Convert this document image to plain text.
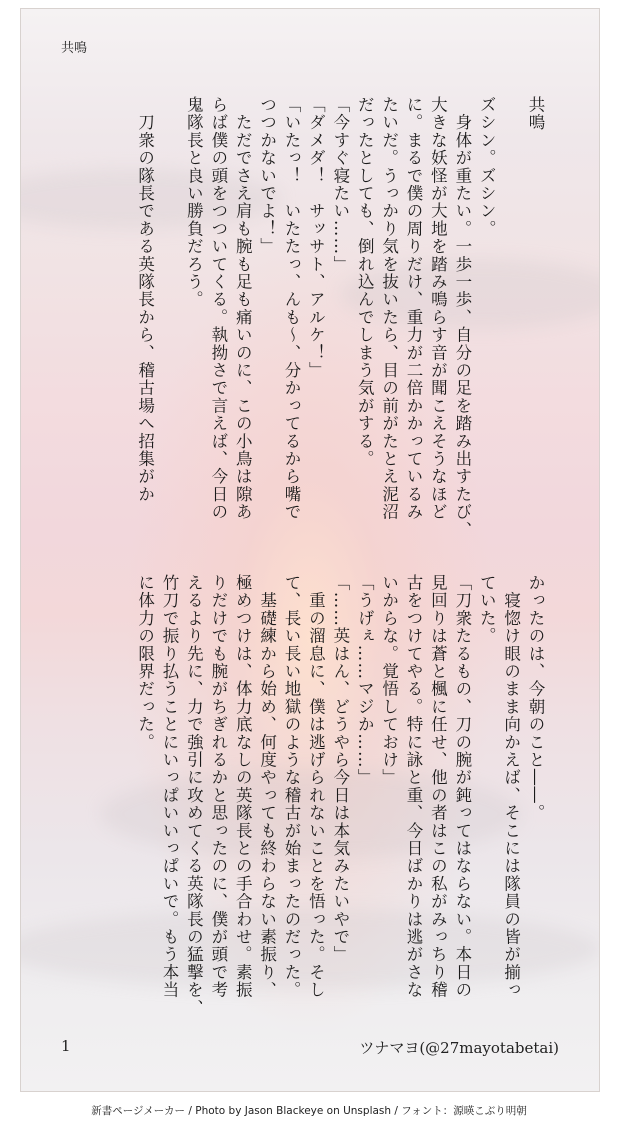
共鳴
共鳴
ズシン。ズシン。
　身体が重たい。一歩一歩、自分の足を踏み出すたび、
大きな妖怪が大地を踏み鳴らす音が聞こえそうなほど
に。まるで僕の周りだけ、重力が二倍かかっているみ
たいだ。うっかり気を抜いたら、目の前がたとえ泥沼
だったとしても、倒れ込んでしまう気がする。
「今すぐ寝たい……」
「ダメダ！　サッサト、アルケ！」
「いたっ！　いたたっ、んも〜、分かってるから嘴で
つつかないでよ！」
　ただでさえ肩も腕も足も痛いのに、この小鳥は隙あ
らば僕の頭をつついてくる。執拗さで言えば、今日の
鬼隊長と良い勝負だろう。
　刀衆の隊長である英隊長から、稽古場へ招集がか
かったのは、今朝のこと――。
　寝惚け眼のまま向かえば、そこには隊員の皆が揃っ
ていた。
「刀衆たるもの、刀の腕が鈍ってはならない。本日の
見回りは蒼と楓に任せ、他の者はこの私がみっちり稽
古をつけてやる。特に詠と重、今日ばかりは逃がさな
いからな。覚悟しておけ」
「うげぇ……マジか……」
「……英はん、どうやら今日は本気みたいやで」
　重の溜息に、僕は逃げられないことを悟った。そし
て、長い長い地獄のような稽古が始まったのだった。
　基礎練から始め、何度やっても終わらない素振り、
極めつけは、体力底なしの英隊長との手合わせ。素振
りだけでも腕がちぎれるかと思ったのに、僕が頭で考
えるより先に、力で強引に攻めてくる英隊長の猛撃を、
竹刀で振り払うことにいっぱいいっぱいで。もう本当
に体力の限界だった。
1	ツナマヨ(@27mayotabetai)
新書ページメーカー / Photo by Jason Blackeye on Unsplash / フォント：源暎こぶり明朝
